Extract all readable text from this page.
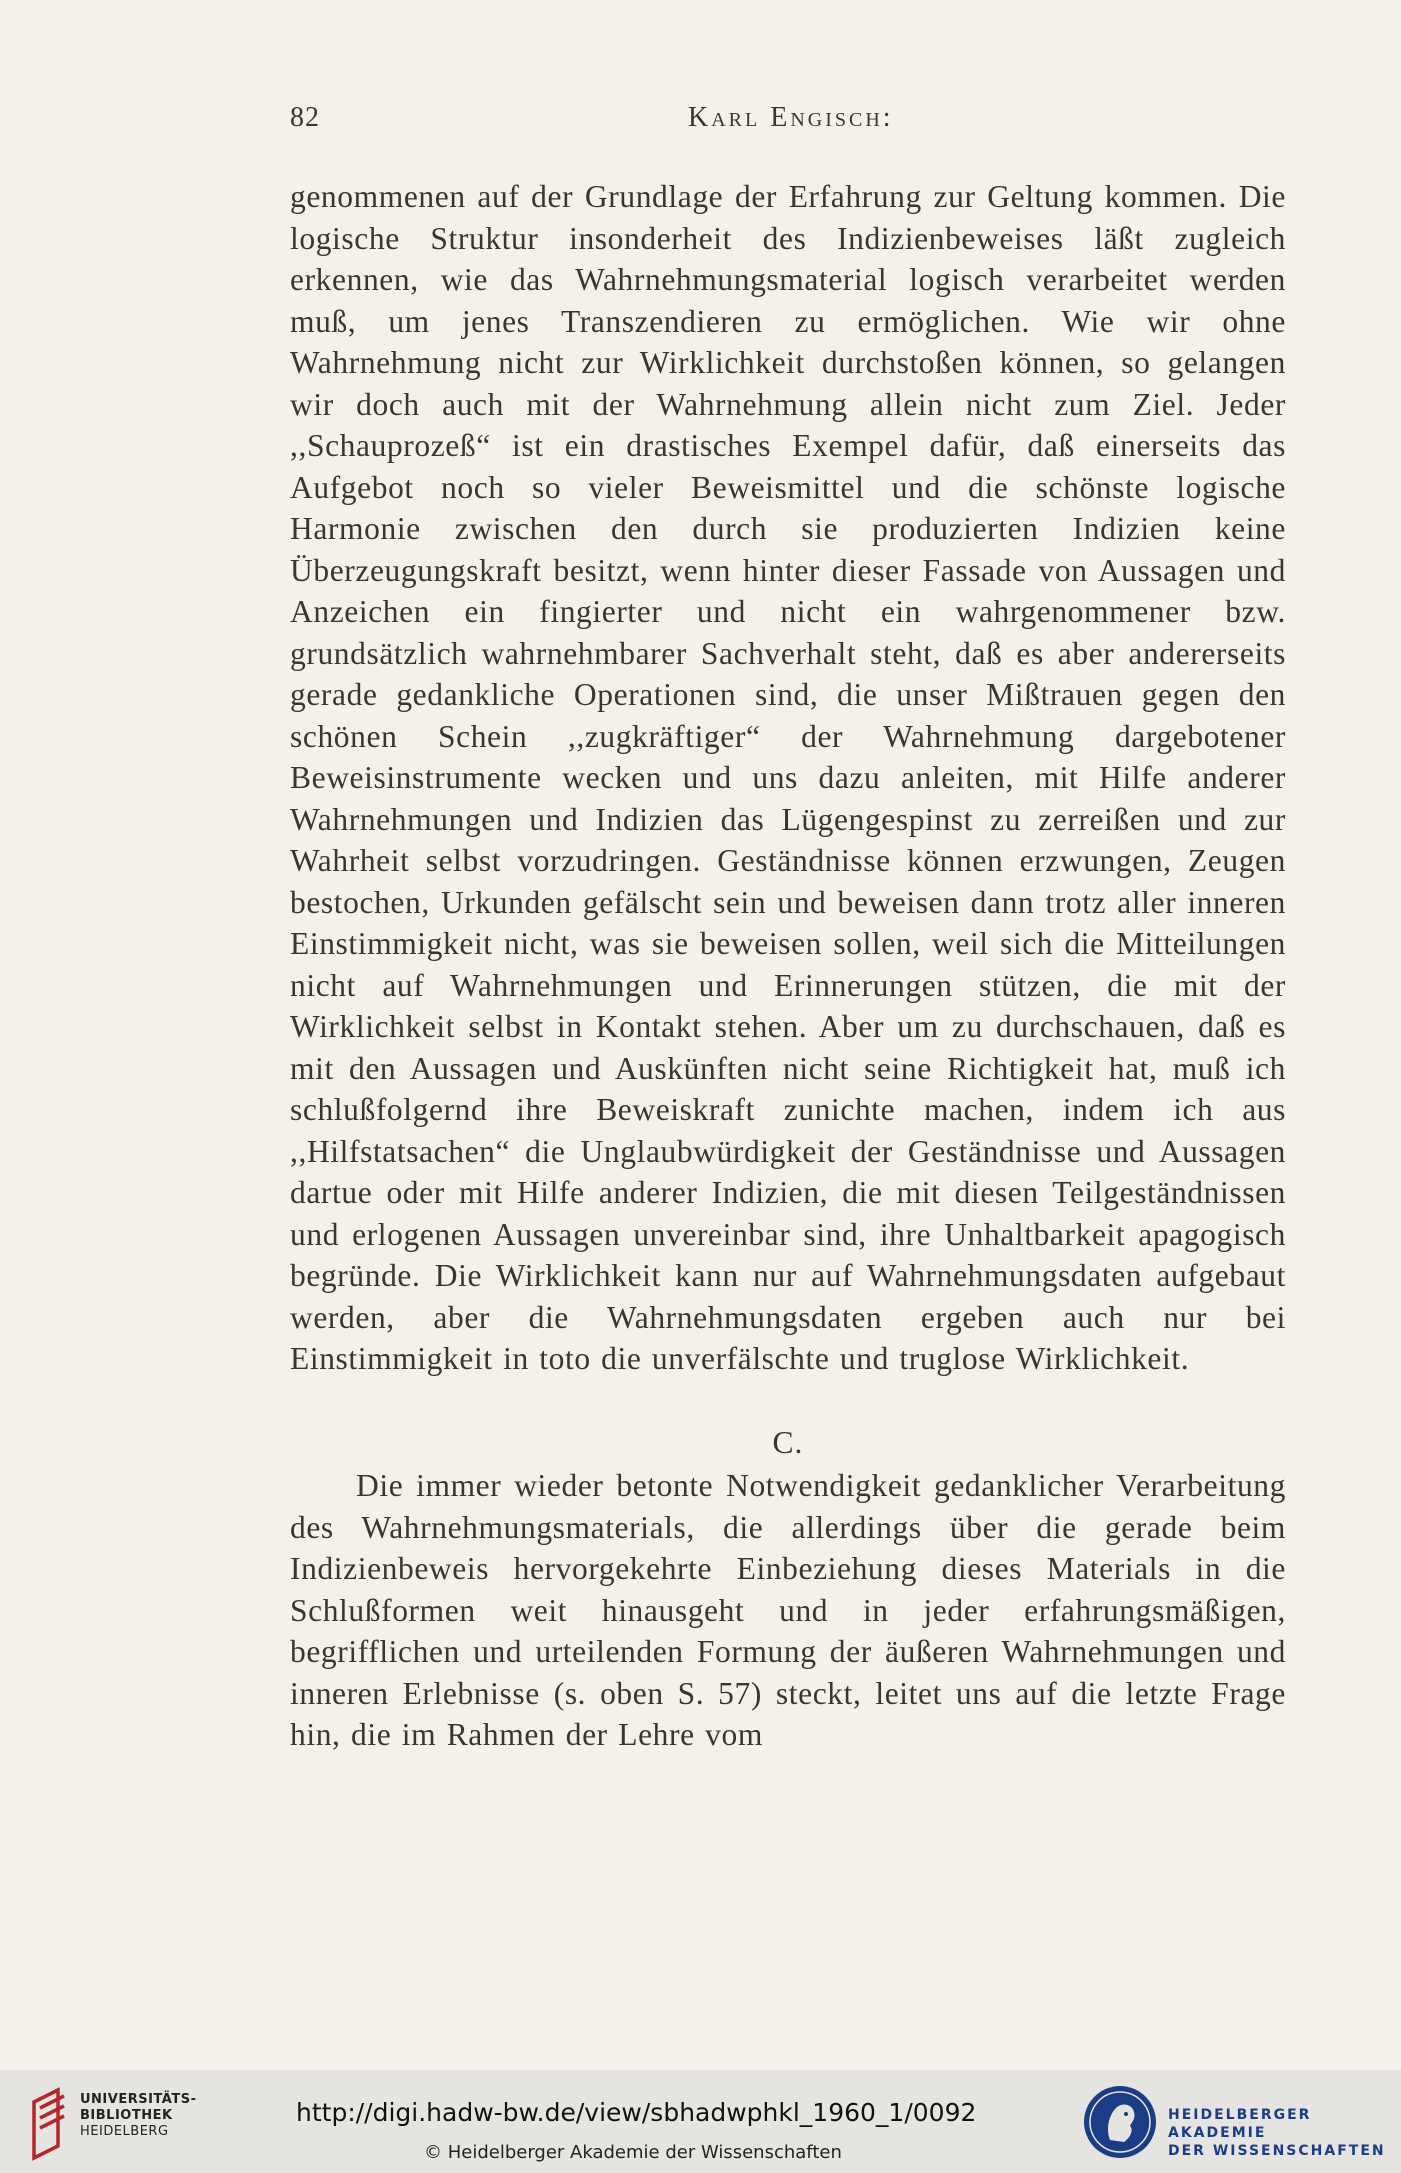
82	Karl Engisch:

genommenen auf der Grundlage der Erfahrung zur Geltung kommen. Die logische Struktur insonderheit des Indizienbeweises läßt zugleich erkennen, wie das Wahrnehmungsmaterial logisch verarbeitet werden muß, um jenes Transzendieren zu ermöglichen. Wie wir ohne Wahrnehmung nicht zur Wirklichkeit durchstoßen können, so gelangen wir doch auch mit der Wahrnehmung allein nicht zum Ziel. Jeder ,,Schauprozeß“ ist ein drastisches Exempel dafür, daß einerseits das Aufgebot noch so vieler Beweismittel und die schönste logische Harmonie zwischen den durch sie produzierten Indizien keine Überzeugungskraft besitzt, wenn hinter dieser Fassade von Aussagen und Anzeichen ein fingierter und nicht ein wahrgenommener bzw. grundsätzlich wahrnehmbarer Sachverhalt steht, daß es aber andererseits gerade gedankliche Operationen sind, die unser Mißtrauen gegen den schönen Schein ,,zugkräftiger“ der Wahrnehmung dargebotener Beweisinstrumente wecken und uns dazu anleiten, mit Hilfe anderer Wahrnehmungen und Indizien das Lügengespinst zu zerreißen und zur Wahrheit selbst vorzudringen. Geständnisse können erzwungen, Zeugen bestochen, Urkunden gefälscht sein und beweisen dann trotz aller inneren Einstimmigkeit nicht, was sie beweisen sollen, weil sich die Mitteilungen nicht auf Wahrnehmungen und Erinnerungen stützen, die mit der Wirklichkeit selbst in Kontakt stehen. Aber um zu durchschauen, daß es mit den Aussagen und Auskünften nicht seine Richtigkeit hat, muß ich schlußfolgernd ihre Beweiskraft zunichte machen, indem ich aus ,,Hilfstatsachen“ die Unglaubwürdigkeit der Geständnisse und Aussagen dartue oder mit Hilfe anderer Indizien, die mit diesen Teilgeständnissen und erlogenen Aussagen unvereinbar sind, ihre Unhaltbarkeit apagogisch begründe. Die Wirklichkeit kann nur auf Wahrnehmungsdaten aufgebaut werden, aber die Wahrnehmungsdaten ergeben auch nur bei Einstimmigkeit in toto die unverfälschte und truglose Wirklichkeit.

C.

Die immer wieder betonte Notwendigkeit gedanklicher Verarbeitung des Wahrnehmungsmaterials, die allerdings über die gerade beim Indizienbeweis hervorgekehrte Einbeziehung dieses Materials in die Schlußformen weit hinausgeht und in jeder erfahrungsmäßigen, begrifflichen und urteilenden Formung der äußeren Wahrnehmungen und inneren Erlebnisse (s. oben S. 57) steckt, leitet uns auf die letzte Frage hin, die im Rahmen der Lehre vom

UNIVERSITÄTS-
BIBLIOTHEK
HEIDELBERG
http://digi.hadw-bw.de/view/sbhadwphkl_1960_1/0092
© Heidelberger Akademie der Wissenschaften
HEIDELBERGER AKADEMIE
DER WISSENSCHAFTEN
